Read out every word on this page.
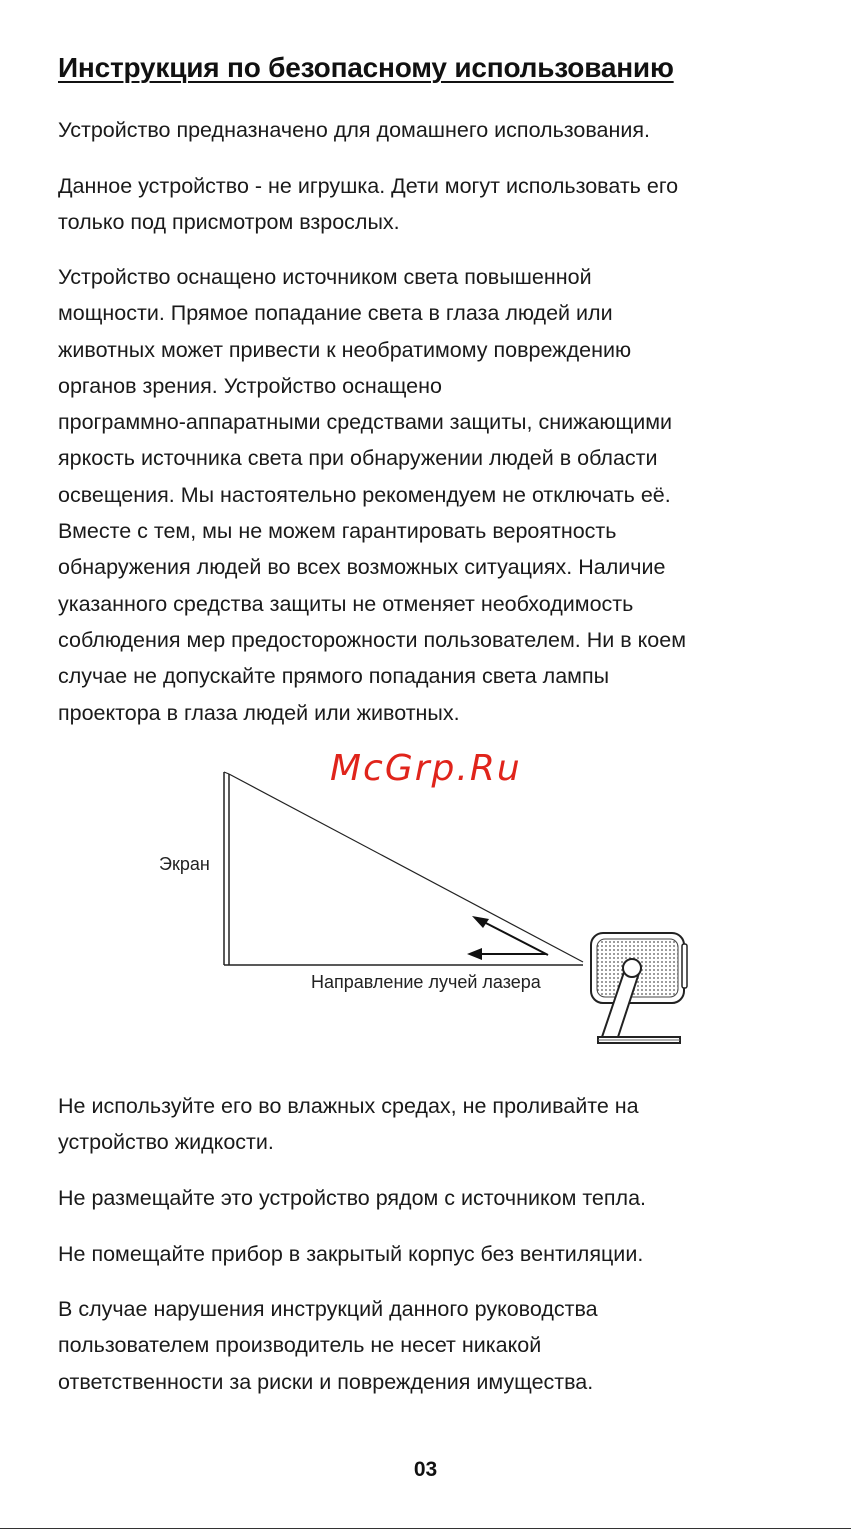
Инструкция по безопасному использованию

Устройство предназначено для домашнего использования.

Данное устройство - не игрушка. Дети могут использовать его
только под присмотром взрослых.

Устройство оснащено источником света повышенной
мощности. Прямое попадание света в глаза людей или
животных может привести к необратимому повреждению
органов зрения. Устройство оснащено
программно-аппаратными средствами защиты, снижающими
яркость источника света при обнаружении людей в области
освещения. Мы настоятельно рекомендуем не отключать её.
Вместе с тем, мы не можем гарантировать вероятность
обнаружения людей во всех возможных ситуациях. Наличие
указанного средства защиты не отменяет необходимость
соблюдения мер предосторожности пользователем. Ни в коем
случае не допускайте прямого попадания света лампы
проектора в глаза людей или животных.

McGrp.Ru
Экран
Направление лучей лазера

Не используйте его во влажных средах, не проливайте на
устройство жидкости.

Не размещайте это устройство рядом с источником тепла.

Не помещайте прибор в закрытый корпус без вентиляции.

В случае нарушения инструкций данного руководства
пользователем производитель не несет никакой
ответственности за риски и повреждения имущества.

03
